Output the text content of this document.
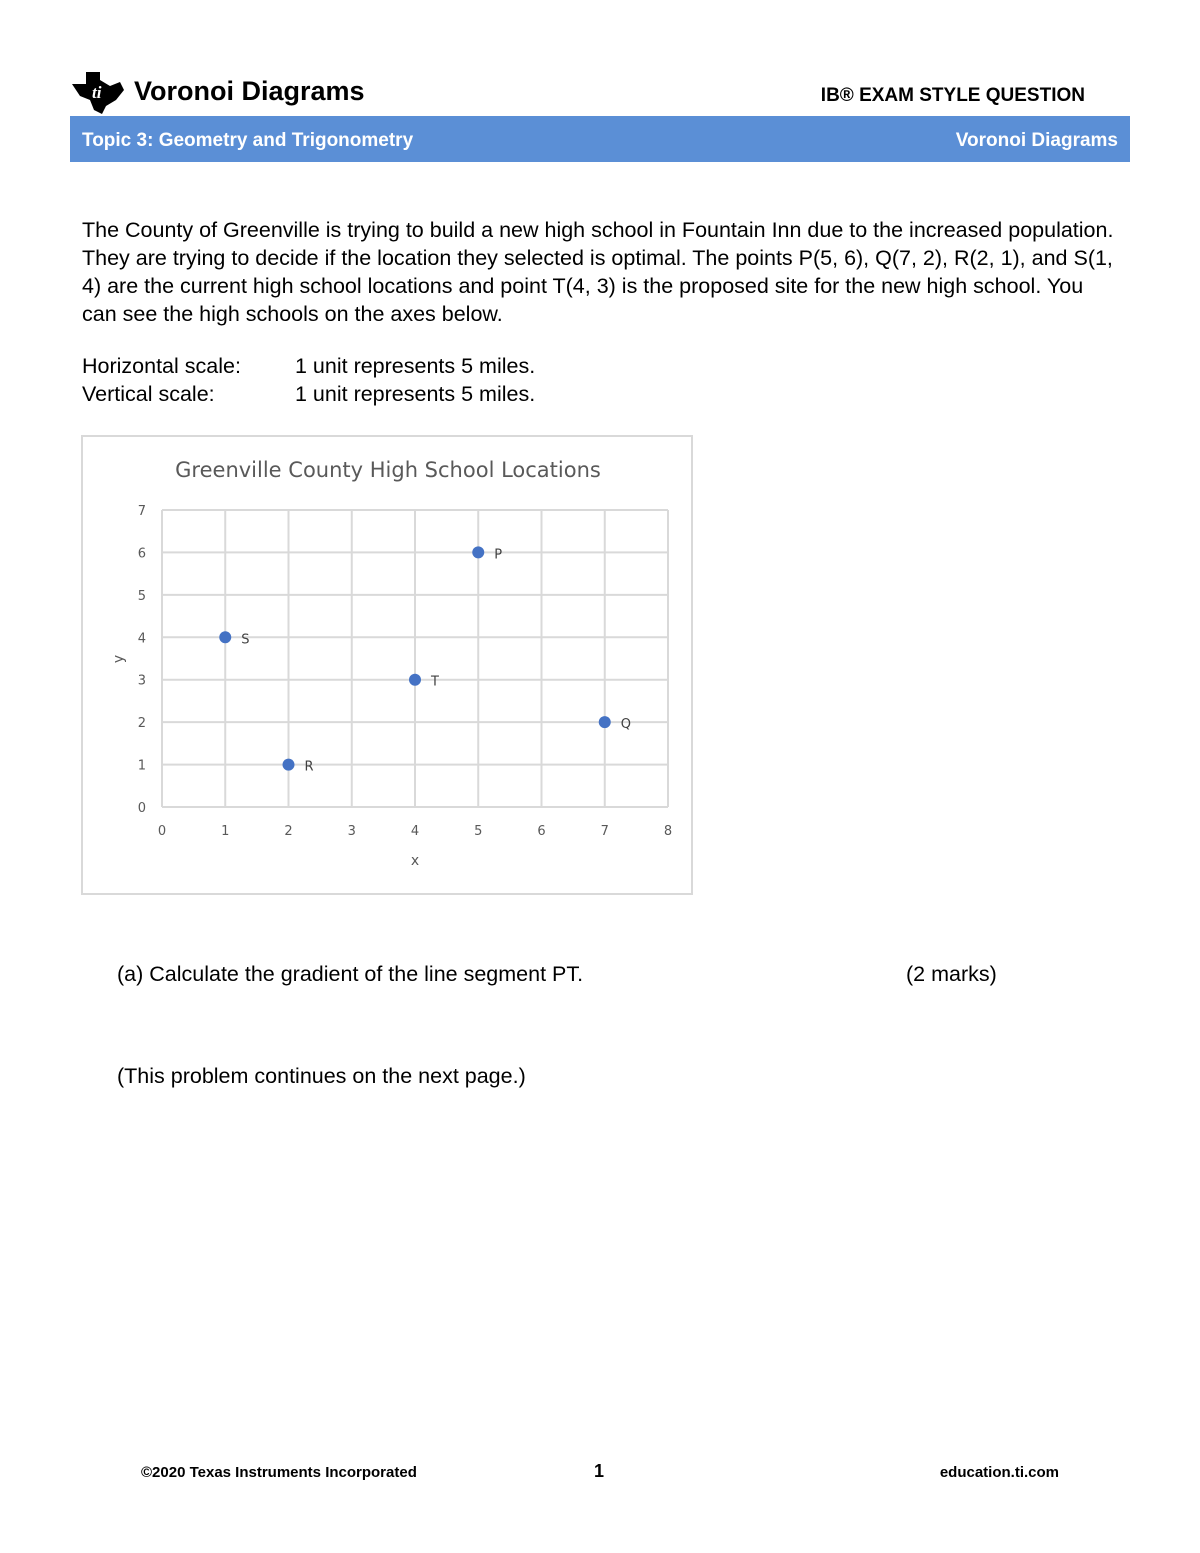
ti Voronoi Diagrams	IB® EXAM STYLE QUESTION
Topic 3: Geometry and Trigonometry	Voronoi Diagrams

The County of Greenville is trying to build a new high school in Fountain Inn due to the increased population. They are trying to decide if the location they selected is optimal. The points P(5, 6), Q(7, 2), R(2, 1), and S(1, 4) are the current high school locations and point T(4, 3) is the proposed site for the new high school. You can see the high schools on the axes below.

Horizontal scale:	1 unit represents 5 miles.
Vertical scale:	1 unit represents 5 miles.
Greenville County High School Locations
0	1	2	3	4	5	6	7	8
0
1
2
3
4
5
6
7
x
y
P
S
T
Q
R
(a) Calculate the gradient of the line segment PT.	(2 marks)
(This problem continues on the next page.)
©2020 Texas Instruments Incorporated	1	education.ti.com
